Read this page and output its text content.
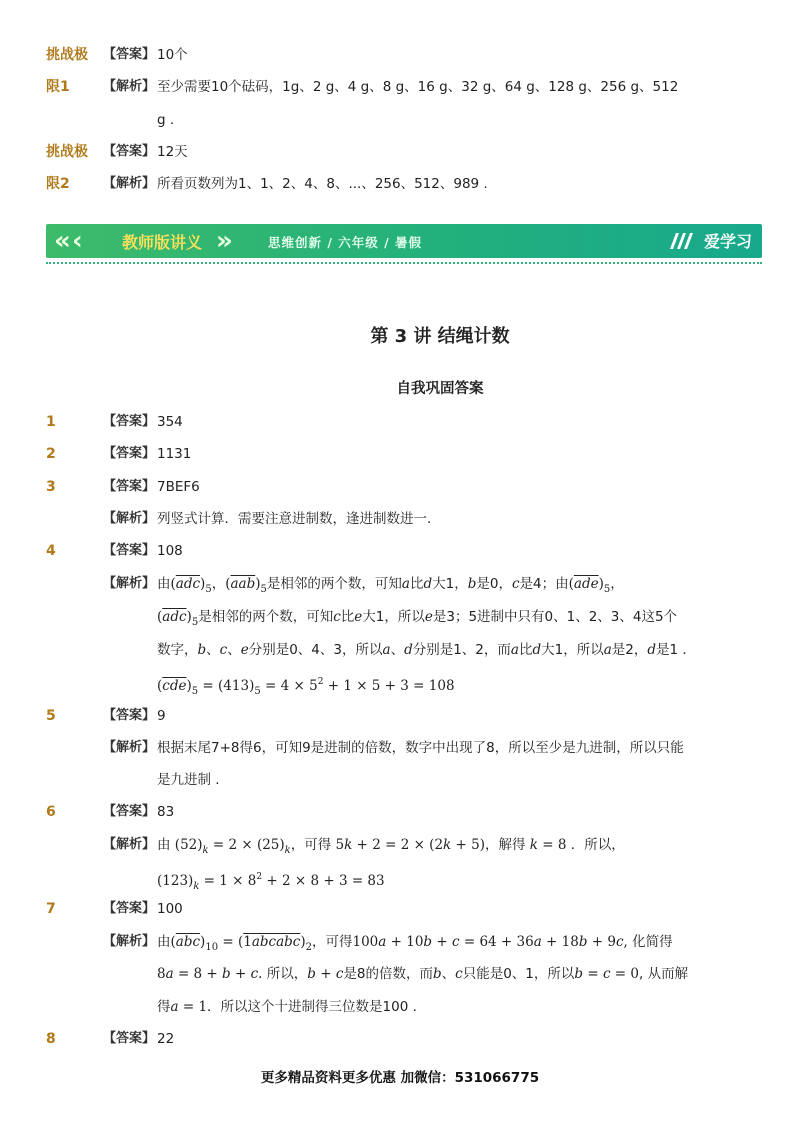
挑战极 【答案】 10个
限1	【解析】 至少需要10个砝码，1g、2 g、4 g、8 g、16 g、32 g、64 g、128 g、256 g、512
g .
挑战极 【答案】 12天
限2	【解析】 所看页数列为1、1、2、4、8、...、256、512、989 .
« ‹ 教师版讲义 »	思维创新 / 六年级 / 暑假	爱学习
第 3 讲 结绳计数
自我巩固答案
1	【答案】 354
2	【答案】 1131
3	【答案】 7BEF6
【解析】 列竖式计算．需要注意进制数，逢进制数进一.
4	【答案】 108
【解析】 由$(\overline{adc})_5$，$(\overline{aab})_5$是相邻的两个数，可知a比d大1，b是0，c是4；由$(\overline{ade})_5$，
$(\overline{adc})_5$是相邻的两个数，可知c比e大1，所以e是3；5进制中只有0、1、2、3、4这5个
数字，b、c、e分别是0、4、3，所以a、d分别是1、2，而a比d大1，所以a是2，d是1 .
$(\overline{cde})_5 = (413)_5 = 4 \times 5^2 + 1 \times 5 + 3 = 108$
5	【答案】 9
【解析】 根据末尾7+8得6，可知9是进制的倍数，数字中出现了8，所以至少是九进制，所以只能
是九进制 .
6	【答案】 83
【解析】 由 $(52)_k = 2 \times (25)_k$，可得 5k + 2 = 2 × (2k + 5)，解得 k = 8 ．所以，
$(123)_k = 1 \times 8^2 + 2 \times 8 + 3 = 83$
7	【答案】 100
【解析】 由$(\overline{abc})_{10}$ = $(1abcabc)_2$，可得100a + 10b + c = 64 + 36a + 18b + 9c, 化简得
8a = 8 + b + c. 所以，b + c是8的倍数，而b、c只能是0、1，所以b = c = 0, 从而解
得a = 1．所以这个十进制得三位数是100 .
8	【答案】 22
更多精品资料更多优惠 加微信：531066775
